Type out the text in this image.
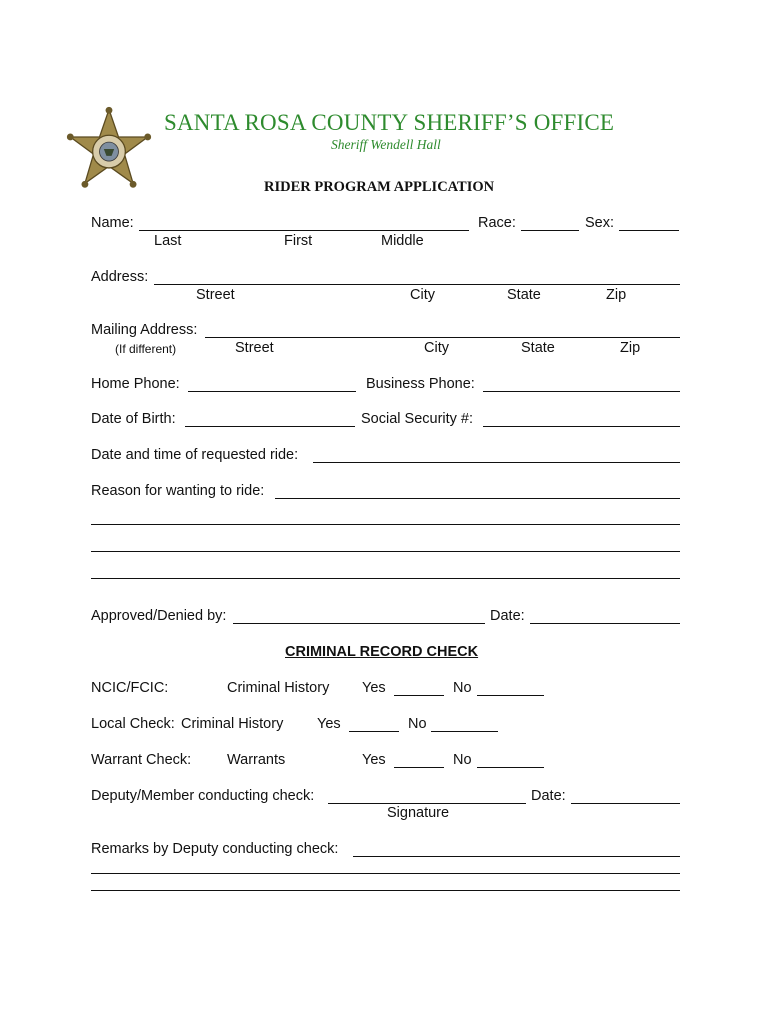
SANTA ROSA COUNTY SHERIFF’S OFFICE
Sheriff Wendell Hall
RIDER PROGRAM APPLICATION
Name:	Race:	Sex:
Last	First	Middle
Address:
Street	City	State	Zip
Mailing Address:
(If different)	Street	City	State	Zip
Home Phone:	Business Phone:
Date of Birth:	Social Security #:
Date and time of requested ride:
Reason for wanting to ride:
Approved/Denied by:	Date:
CRIMINAL RECORD CHECK
NCIC/FCIC:	Criminal History Yes	No
Local Check: Criminal History Yes	No
Warrant Check: Warrants	Yes	No
Deputy/Member conducting check:	Date:
Signature
Remarks by Deputy conducting check:
